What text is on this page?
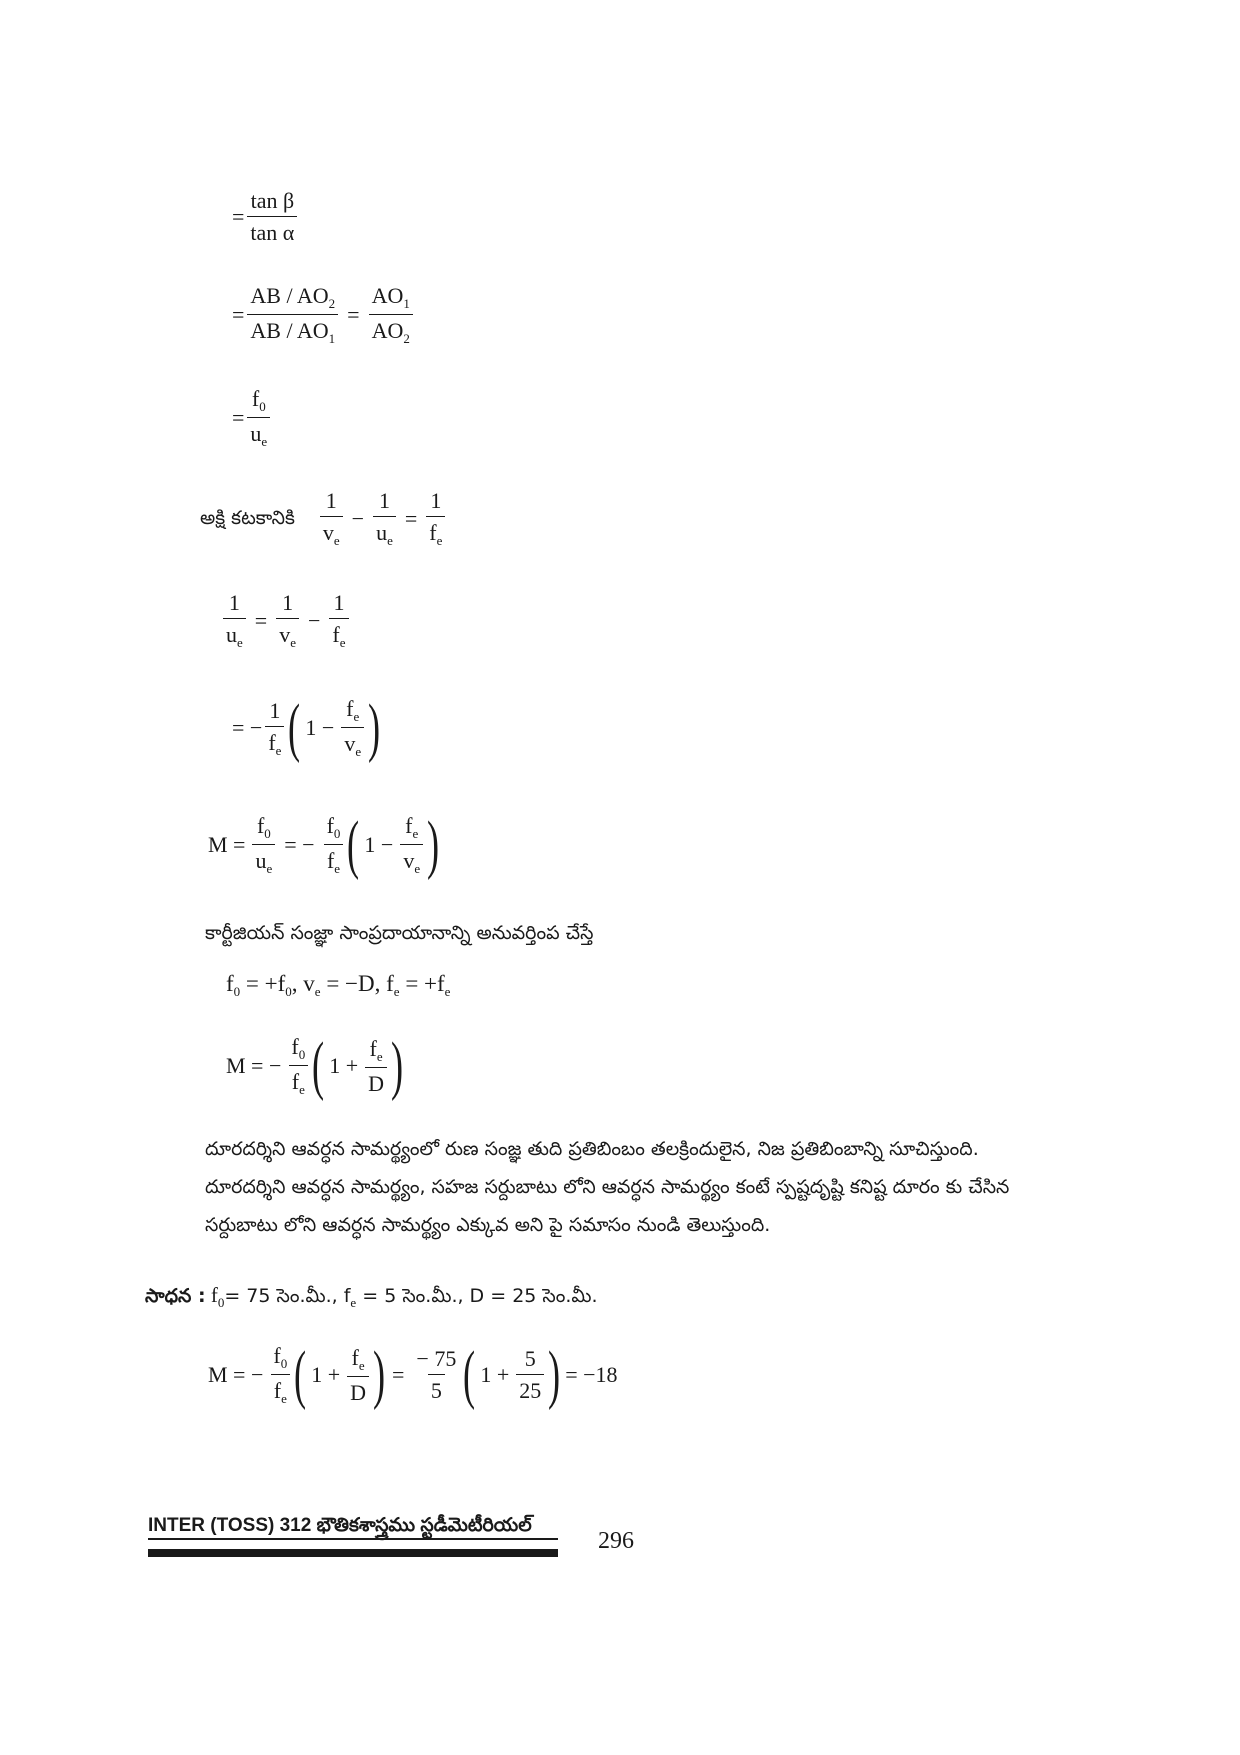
= $\frac{\text{tan β}}{\text{tan α}}$
= $\frac{AB / AO_2}{AB / AO_1} = \frac{AO_1}{AO_2}$
= $\frac{f_0}{u_e}$
అక్షి కటకానికి $\frac{1}{v_e} - \frac{1}{u_e} = \frac{1}{f_e}$
$\frac{1}{u_e} = \frac{1}{v_e} - \frac{1}{f_e}$
= − $\frac{1}{f_e}$ ( $1 - \frac{f_e}{v_e}$ )
$M = \frac{f_0}{u_e}$ = − $\frac{f_0}{f_e}$ ( $1 - \frac{f_e}{v_e}$ )
కార్టీజియన్ సంజ్ఞా సాంప్రదాయానాన్ని అనువర్తింప చేస్తే
$f_0 = +f_0$, $v_e = -D$, $f_e = +f_e$
M = − $\frac{f_0}{f_e}$ ( $1 + \frac{f_e}{D}$ )
దూరదర్శిని ఆవర్ధన సామర్థ్యంలో రుణ సంజ్ఞ తుది ప్రతిబింబం తలక్రిందులైన, నిజ ప్రతిబింబాన్ని సూచిస్తుంది.
దూరదర్శిని ఆవర్ధన సామర్థ్యం, సహజ సర్దుబాటు లోని ఆవర్ధన సామర్థ్యం కంటే స్పష్టదృష్టి కనిష్ట దూరం కు చేసిన
సర్దుబాటు లోని ఆవర్ధన సామర్థ్యం ఎక్కువ అని పై సమాసం నుండి తెలుస్తుంది.
సాధన : $f_0= 75$ సెం.మీ., $f_e = 5$ సెం.మీ., D = 25 సెం.మీ.
M = − $\frac{f_0}{f_e}$ ( $1 + \frac{f_e}{D}$ ) = $\frac{- 75}{5}$ ( $1 + \frac{5}{25}$ ) = −18
INTER (TOSS) 312 భౌతికశాస్త్రము స్టడీమెటీరియల్
296
